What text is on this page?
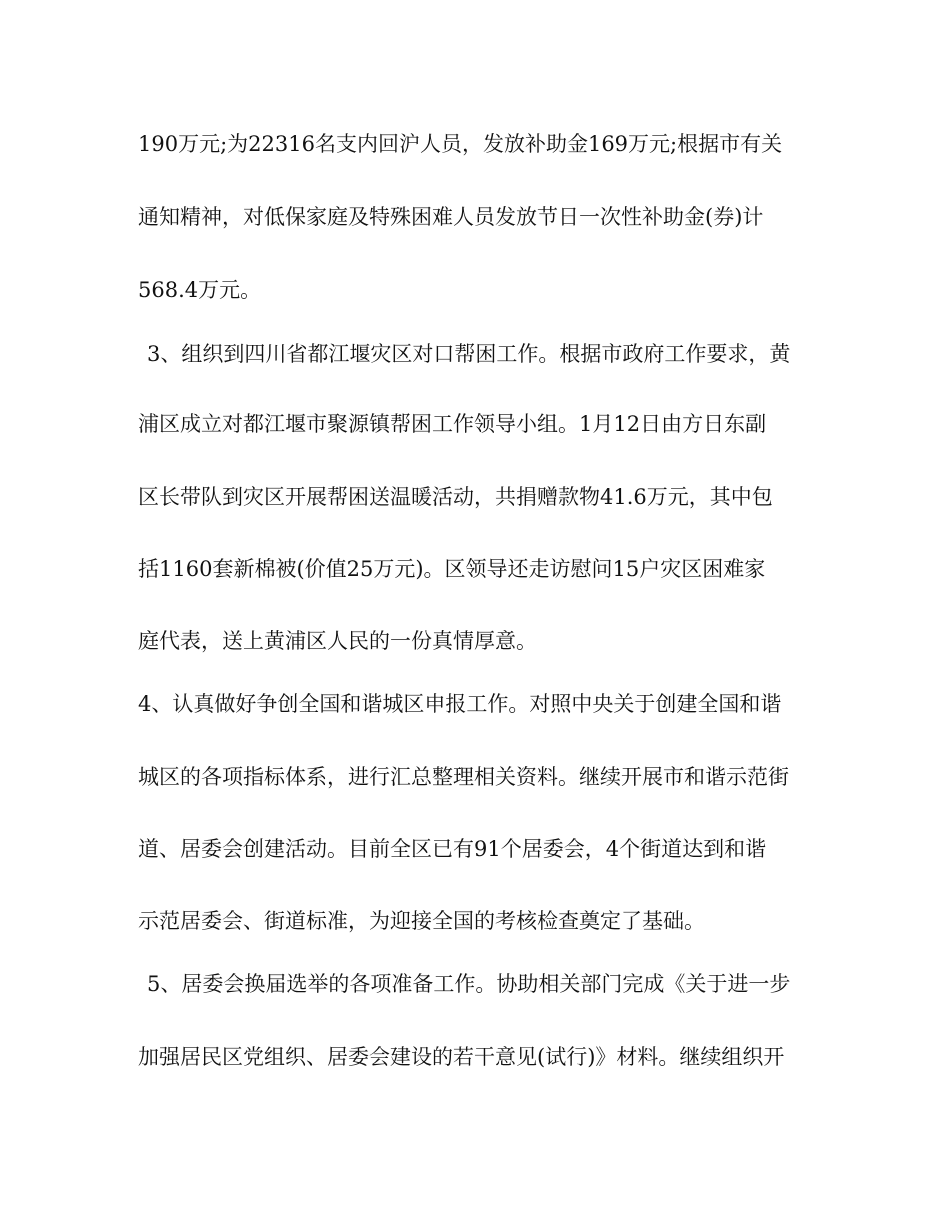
190万元;为22316名支内回沪人员，发放补助金169万元;根据市有关
通知精神，对低保家庭及特殊困难人员发放节日一次性补助金(券)计
568.4万元。
3、组织到四川省都江堰灾区对口帮困工作。根据市政府工作要求，黄
浦区成立对都江堰市聚源镇帮困工作领导小组。1月12日由方日东副
区长带队到灾区开展帮困送温暖活动，共捐赠款物41.6万元，其中包
括1160套新棉被(价值25万元)。区领导还走访慰问15户灾区困难家
庭代表，送上黄浦区人民的一份真情厚意。
4、认真做好争创全国和谐城区申报工作。对照中央关于创建全国和谐
城区的各项指标体系，进行汇总整理相关资料。继续开展市和谐示范街
道、居委会创建活动。目前全区已有91个居委会，4个街道达到和谐
示范居委会、街道标准，为迎接全国的考核检查奠定了基础。
5、居委会换届选举的各项准备工作。协助相关部门完成《关于进一步
加强居民区党组织、居委会建设的若干意见(试行)》材料。继续组织开
